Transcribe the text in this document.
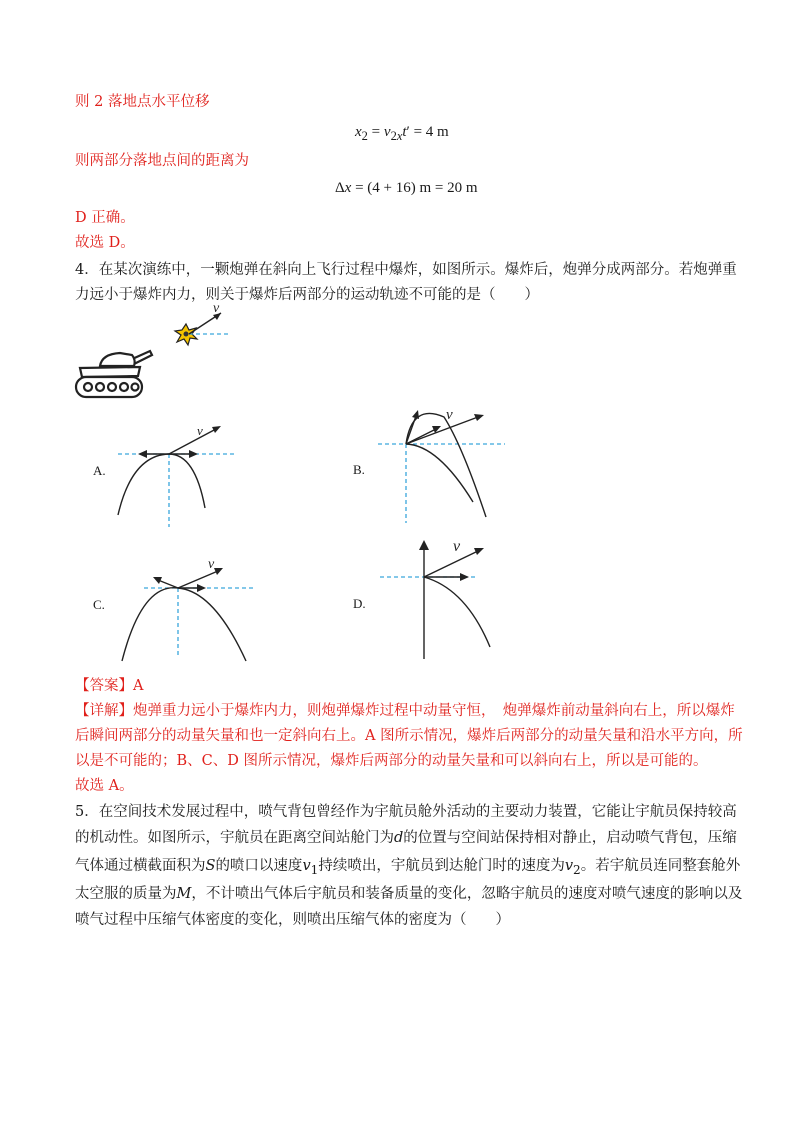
则 2 落地点水平位移
$x_2 = v_{2x}t' = 4$ m
则两部分落地点间的距离为
Δx = (4 + 16) m = 20 m
D 正确。
故选 D。
4．在某次演练中，一颗炮弹在斜向上飞行过程中爆炸，如图所示。爆炸后，炮弹分成两部分。若炮弹重
力远小于爆炸内力，则关于爆炸后两部分的运动轨迹不可能的是（　　）
v
A.
v
B.
v
C.
v
D.
v
【答案】A
【详解】炮弹重力远小于爆炸内力，则炮弹爆炸过程中动量守恒，　炮弹爆炸前动量斜向右上，所以爆炸
后瞬间两部分的动量矢量和也一定斜向右上。A 图所示情况，爆炸后两部分的动量矢量和沿水平方向，所
以是不可能的；B、C、D 图所示情况，爆炸后两部分的动量矢量和可以斜向右上，所以是可能的。
故选 A。
5．在空间技术发展过程中，喷气背包曾经作为宇航员舱外活动的主要动力装置，它能让宇航员保持较高
的机动性。如图所示，宇航员在距离空间站舱门为d的位置与空间站保持相对静止，启动喷气背包，压缩
气体通过横截面积为S的喷口以速度$v_1$持续喷出，宇航员到达舱门时的速度为$v_2$。若宇航员连同整套舱外
太空服的质量为M，不计喷出气体后宇航员和装备质量的变化，忽略宇航员的速度对喷气速度的影响以及
喷气过程中压缩气体密度的变化，则喷出压缩气体的密度为（　　）
